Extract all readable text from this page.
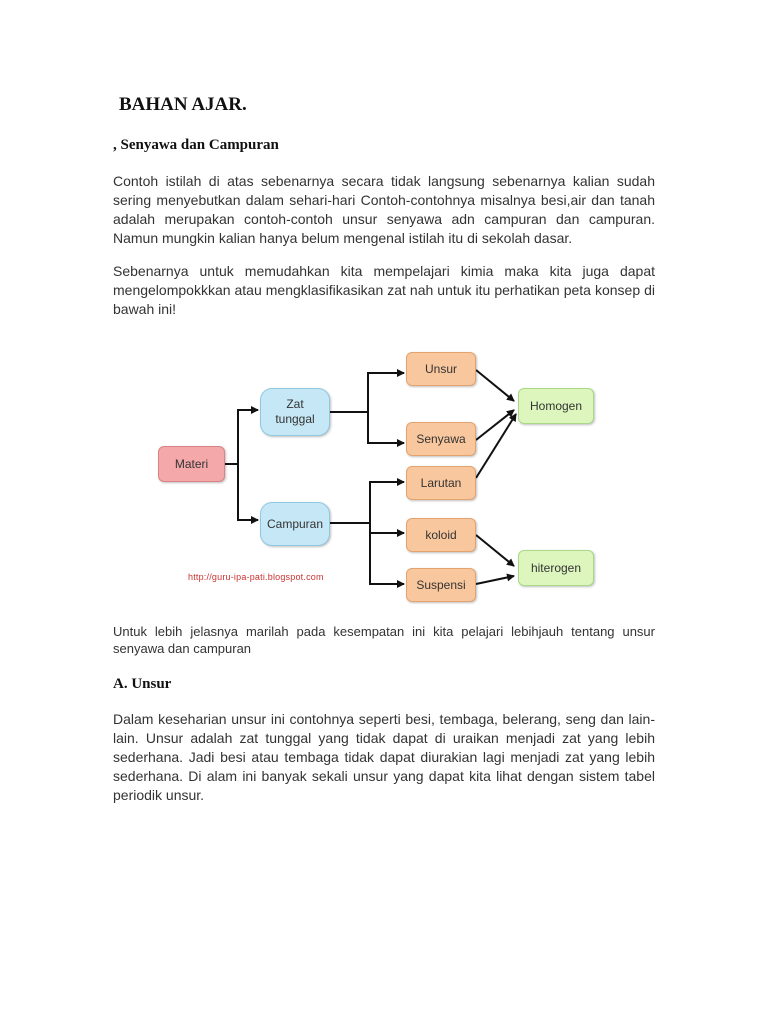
BAHAN AJAR.
, Senyawa dan Campuran
Contoh istilah di atas sebenarnya secara tidak langsung sebenarnya kalian sudah sering menyebutkan dalam sehari-hari Contoh-contohnya misalnya besi,air dan tanah adalah merupakan contoh-contoh unsur senyawa adn campuran dan campuran. Namun mungkin kalian hanya belum mengenal istilah itu di sekolah dasar.
Sebenarnya untuk memudahkan kita mempelajari kimia maka kita juga dapat mengelompokkkan atau mengklasifikasikan zat nah untuk itu perhatikan peta konsep di bawah ini!
Materi
Zat
tunggal
Campuran
Unsur
Senyawa
Larutan
koloid
Suspensi
Homogen
hiterogen
http://guru-ipa-pati.blogspot.com
Untuk lebih jelasnya marilah pada kesempatan ini kita pelajari lebihjauh tentang unsur senyawa dan campuran
A. Unsur
Dalam keseharian unsur ini contohnya seperti besi, tembaga, belerang, seng dan lain-lain. Unsur adalah zat tunggal yang tidak dapat di uraikan menjadi zat yang lebih sederhana. Jadi besi atau tembaga tidak dapat diurakian lagi menjadi zat yang lebih sederhana. Di alam ini banyak sekali unsur yang dapat kita lihat dengan sistem tabel periodik unsur.
